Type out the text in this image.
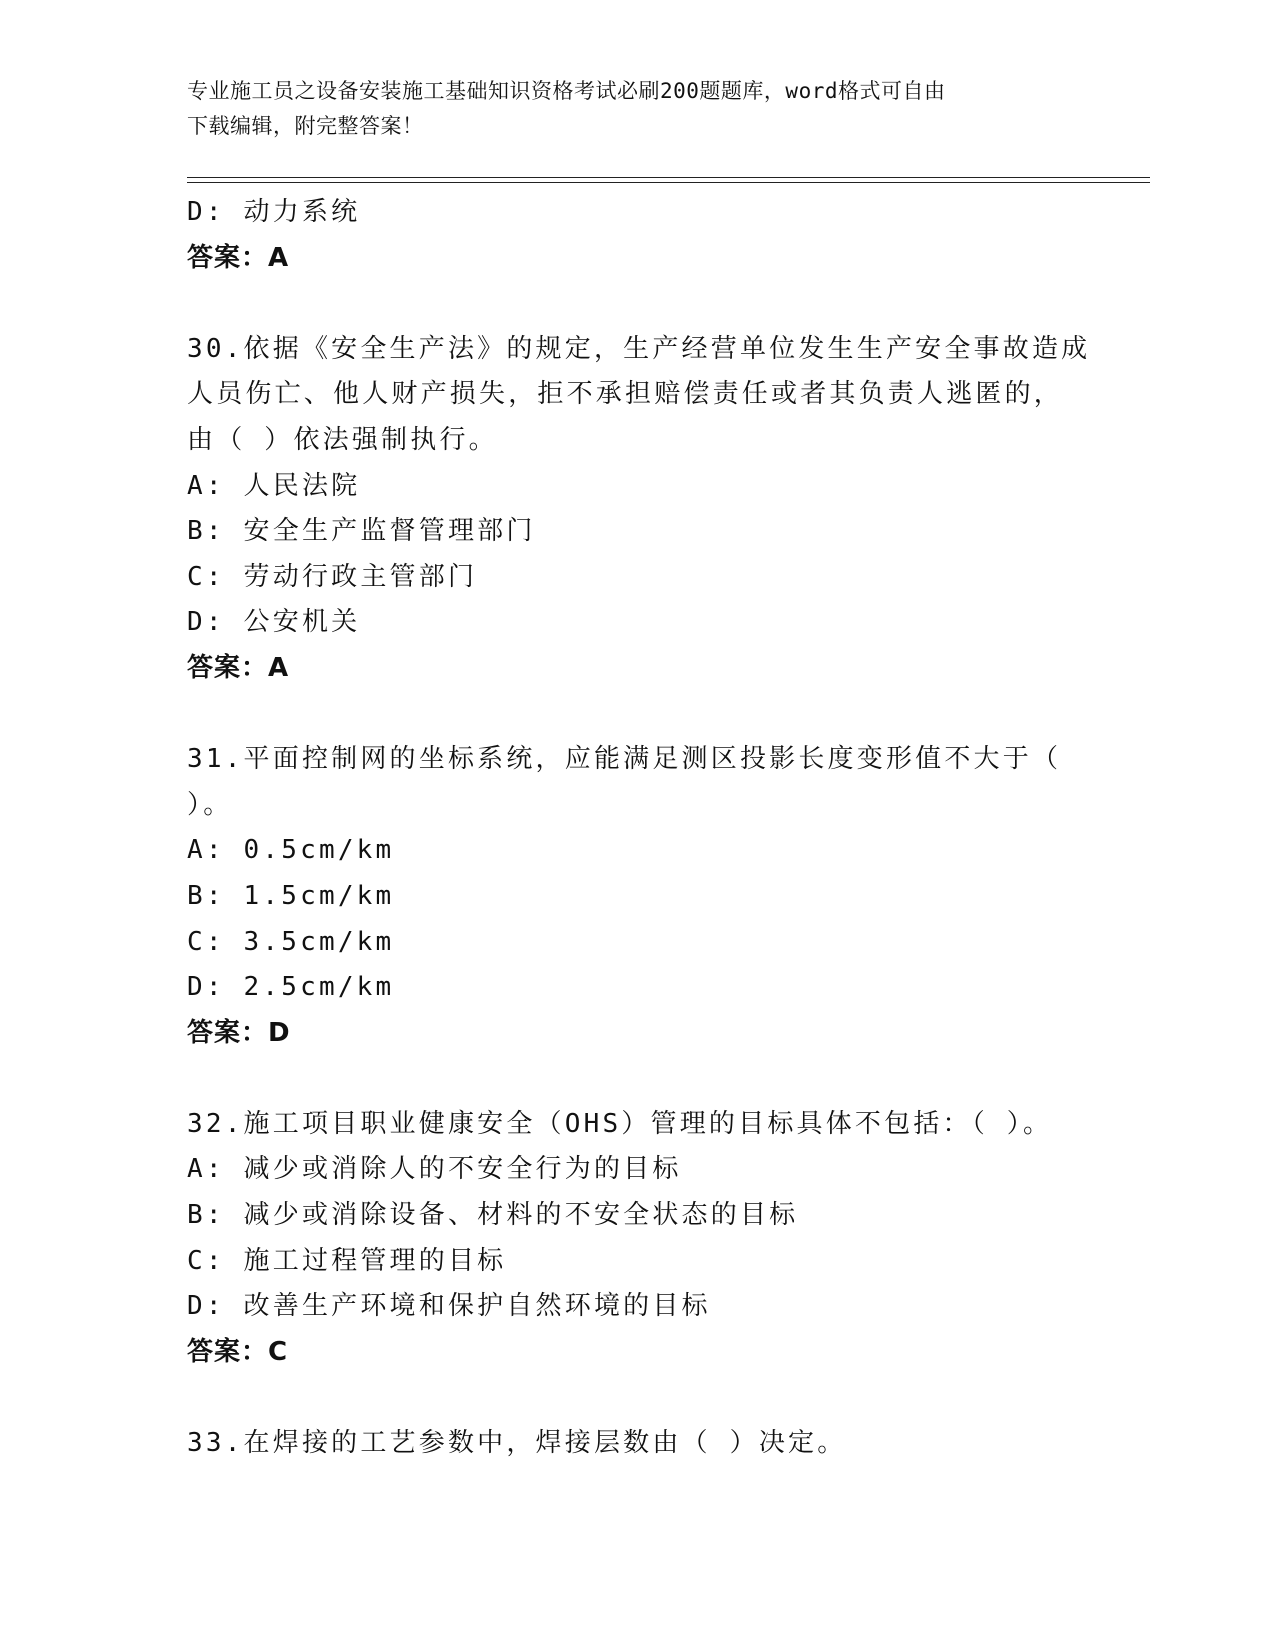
专业施工员之设备安装施工基础知识资格考试必刷200题题库，word格式可自由
下载编辑，附完整答案！
D: 动力系统
答案：A
30.依据《安全生产法》的规定，生产经营单位发生生产安全事故造成
人员伤亡、他人财产损失，拒不承担赔偿责任或者其负责人逃匿的，
由（ ）依法强制执行。
A: 人民法院
B: 安全生产监督管理部门
C: 劳动行政主管部门
D: 公安机关
答案：A
31.平面控制网的坐标系统，应能满足测区投影长度变形值不大于（
）。
A: 0.5cm/km
B: 1.5cm/km
C: 3.5cm/km
D: 2.5cm/km
答案：D
32.施工项目职业健康安全（OHS）管理的目标具体不包括：（ ）。
A: 减少或消除人的不安全行为的目标
B: 减少或消除设备、材料的不安全状态的目标
C: 施工过程管理的目标
D: 改善生产环境和保护自然环境的目标
答案：C
33.在焊接的工艺参数中，焊接层数由（ ）决定。
